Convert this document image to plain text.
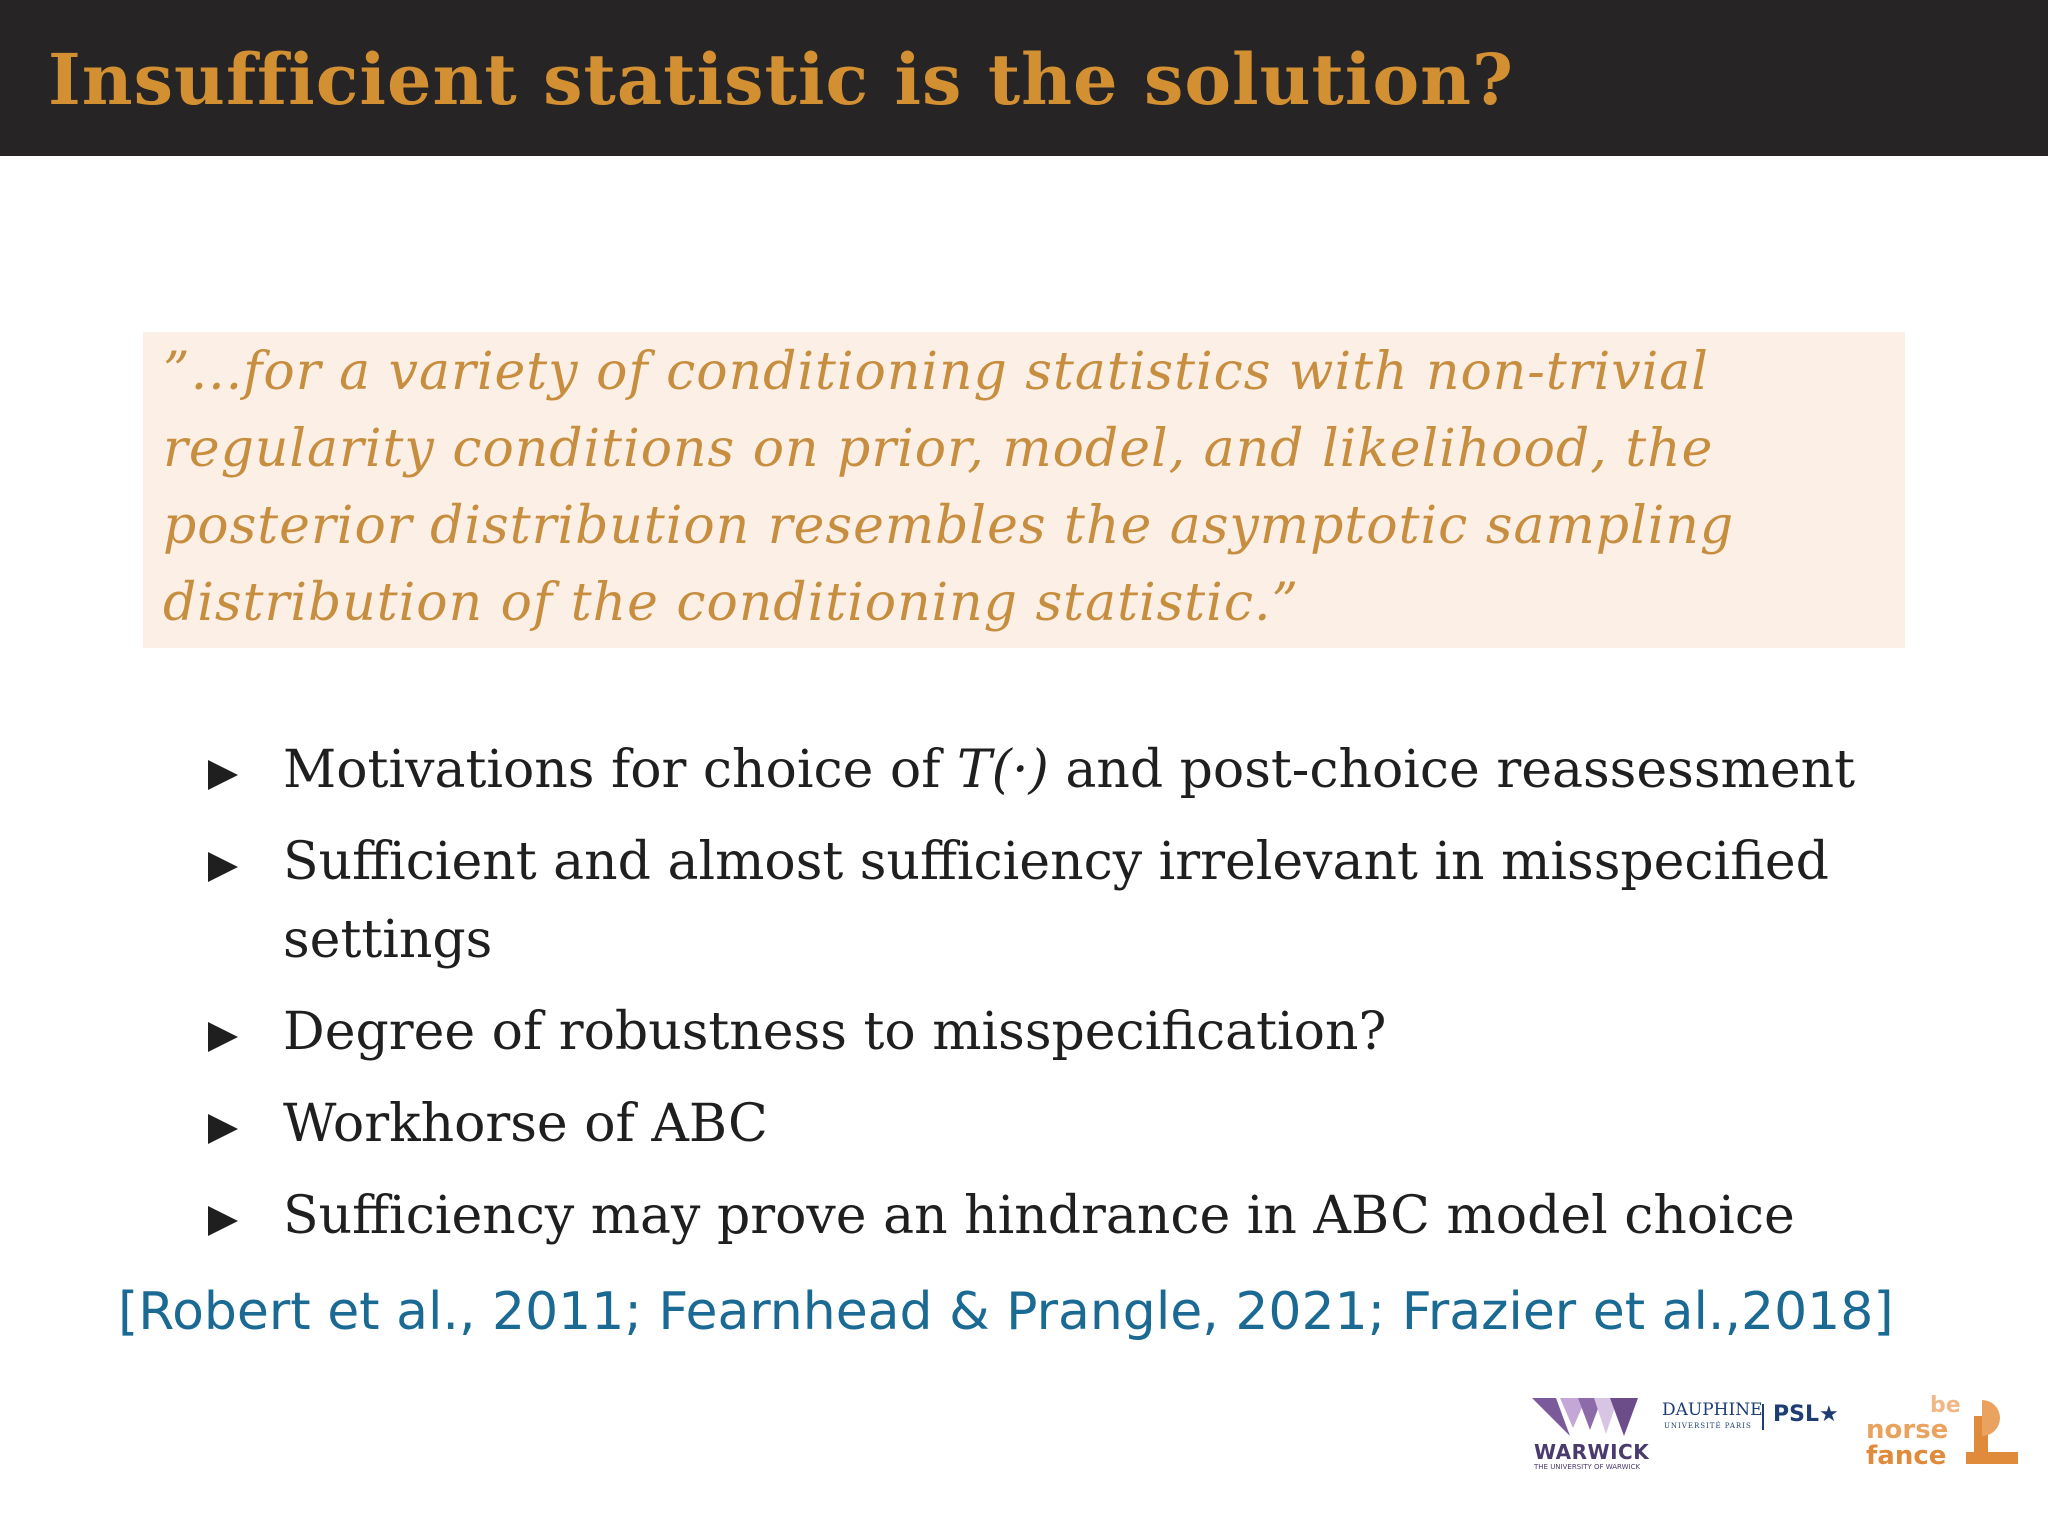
Insufficient statistic is the solution?
”...for a variety of conditioning statistics with non-trivial
regularity conditions on prior, model, and likelihood, the
posterior distribution resembles the asymptotic sampling
distribution of the conditioning statistic.”
Motivations for choice of T(·) and post-choice reassessment
Sufficient and almost sufficiency irrelevant in misspecified
settings
Degree of robustness to misspecification?
Workhorse of ABC
Sufficiency may prove an hindrance in ABC model choice
[Robert et al., 2011; Fearnhead & Prangle, 2021; Frazier et al.,2018]
WARWICK
THE UNIVERSITY OF WARWICK
DAUPHINE
UNIVERSITÉ PARIS PSL★	be
norse
fance
